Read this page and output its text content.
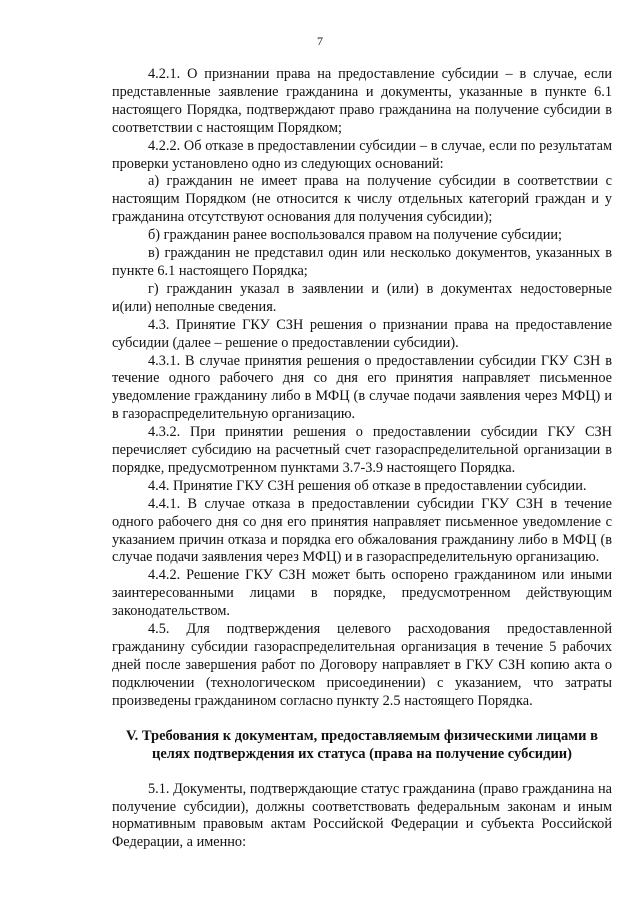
7

4.2.1. О признании права на предоставление субсидии – в случае, если представленные заявление гражданина и документы, указанные в пункте 6.1 настоящего Порядка, подтверждают право гражданина на получение субсидии в соответствии с настоящим Порядком;

4.2.2. Об отказе в предоставлении субсидии – в случае, если по результатам проверки установлено одно из следующих оснований:

а) гражданин не имеет права на получение субсидии в соответствии с настоящим Порядком (не относится к числу отдельных категорий граждан и у гражданина отсутствуют основания для получения субсидии);

б) гражданин ранее воспользовался правом на получение субсидии;

в) гражданин не представил один или несколько документов, указанных в пункте 6.1 настоящего Порядка;

г) гражданин указал в заявлении и (или) в документах недостоверные и(или) неполные сведения.

4.3. Принятие ГКУ СЗН решения о признании права на предоставление субсидии (далее – решение о предоставлении субсидии).

4.3.1. В случае принятия решения о предоставлении субсидии ГКУ СЗН в течение одного рабочего дня со дня его принятия направляет письменное уведомление гражданину либо в МФЦ (в случае подачи заявления через МФЦ) и в газораспределительную организацию.

4.3.2. При принятии решения о предоставлении субсидии ГКУ СЗН перечисляет субсидию на расчетный счет газораспределительной организации в порядке, предусмотренном пунктами 3.7-3.9 настоящего Порядка.

4.4. Принятие ГКУ СЗН решения об отказе в предоставлении субсидии.

4.4.1. В случае отказа в предоставлении субсидии ГКУ СЗН в течение одного рабочего дня со дня его принятия направляет письменное уведомление с указанием причин отказа и порядка его обжалования гражданину либо в МФЦ (в случае подачи заявления через МФЦ) и в газораспределительную организацию.

4.4.2. Решение ГКУ СЗН может быть оспорено гражданином или иными заинтересованными лицами в порядке, предусмотренном действующим законодательством.

4.5. Для подтверждения целевого расходования предоставленной гражданину субсидии газораспределительная организация в течение 5 рабочих дней после завершения работ по Договору направляет в ГКУ СЗН копию акта о подключении (технологическом присоединении) с указанием, что затраты произведены гражданином согласно пункту 2.5 настоящего Порядка.

V. Требования к документам, предоставляемым физическими лицами в целях подтверждения их статуса (права на получение субсидии)

5.1. Документы, подтверждающие статус гражданина (право гражданина на получение субсидии), должны соответствовать федеральным законам и иным нормативным правовым актам Российской Федерации и субъекта Российской Федерации, а именно:
